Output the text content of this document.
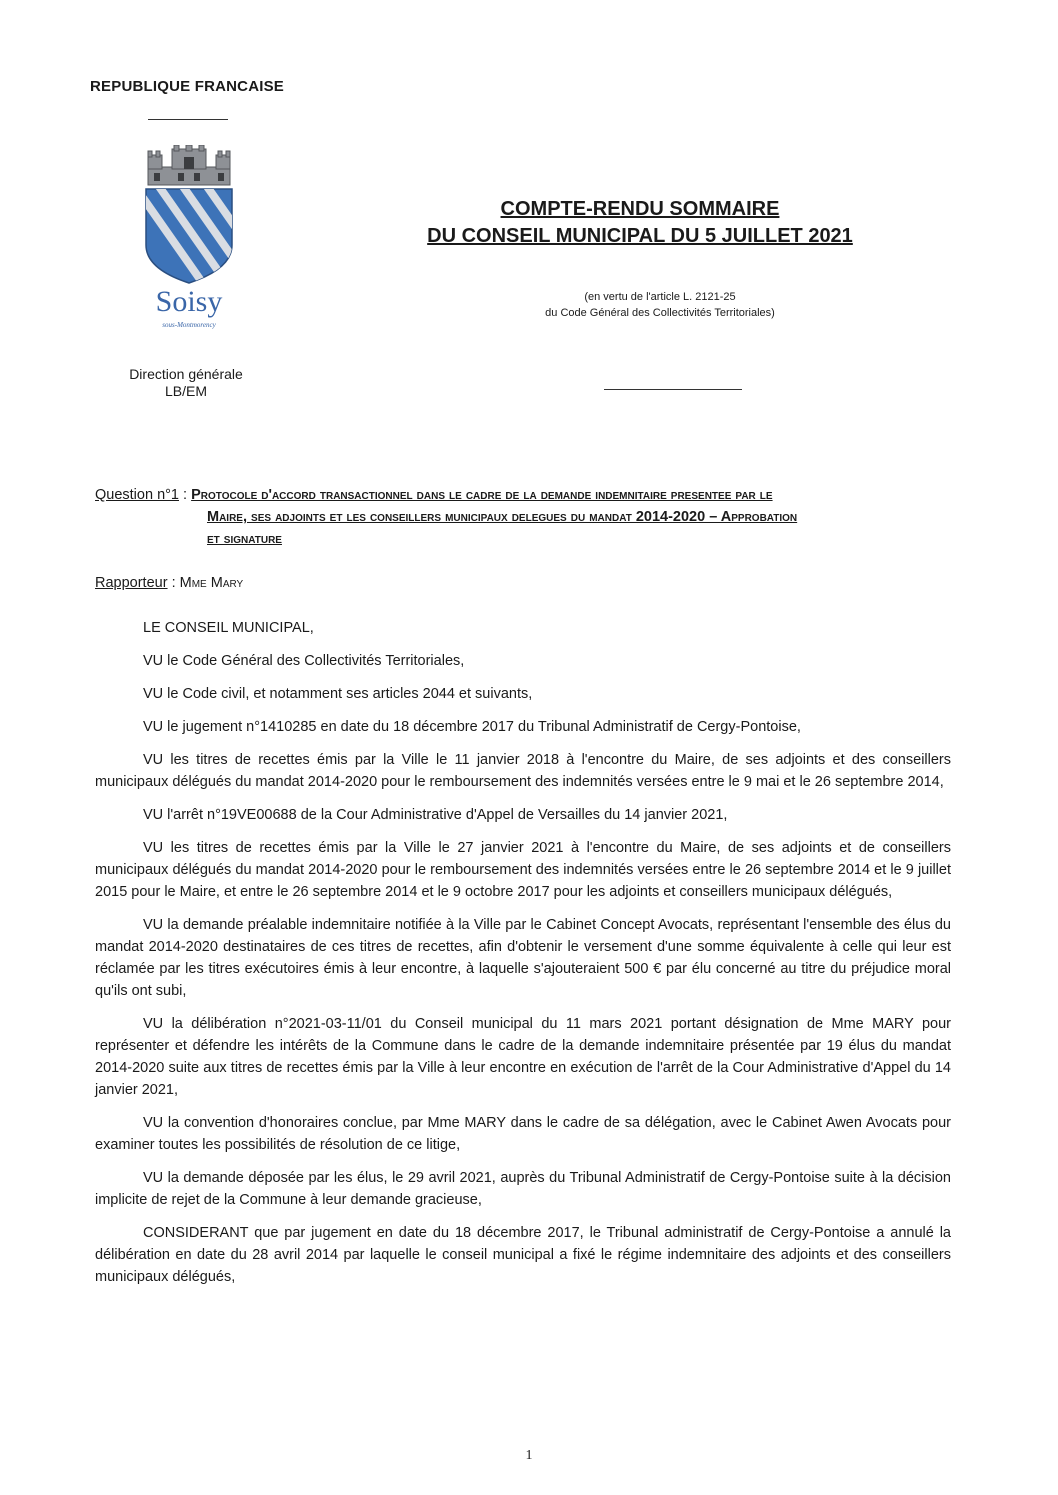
REPUBLIQUE FRANCAISE
Soisy
sous-Montmorency
Direction générale
LB/EM
COMPTE-RENDU SOMMAIRE
DU CONSEIL MUNICIPAL DU 5 JUILLET 2021
(en vertu de l'article L. 2121-25
du Code Général des Collectivités Territoriales)
Question n°1 : Protocole d'accord transactionnel dans le cadre de la demande indemnitaire presentee par le
Maire, ses adjoints et les conseillers municipaux delegues du mandat 2014-2020 – Approbation
et signature
Rapporteur : Mme Mary

LE CONSEIL MUNICIPAL,

VU le Code Général des Collectivités Territoriales,

VU le Code civil, et notamment ses articles 2044 et suivants,

VU le jugement n°1410285 en date du 18 décembre 2017 du Tribunal Administratif de Cergy-Pontoise,

VU les titres de recettes émis par la Ville le 11 janvier 2018 à l'encontre du Maire, de ses adjoints et des conseillers municipaux délégués du mandat 2014-2020 pour le remboursement des indemnités versées entre le 9 mai et le 26 septembre 2014,

VU l'arrêt n°19VE00688 de la Cour Administrative d'Appel de Versailles du 14 janvier 2021,

VU les titres de recettes émis par la Ville le 27 janvier 2021 à l'encontre du Maire, de ses adjoints et de conseillers municipaux délégués du mandat 2014-2020 pour le remboursement des indemnités versées entre le 26 septembre 2014 et le 9 juillet 2015 pour le Maire, et entre le 26 septembre 2014 et le 9 octobre 2017 pour les adjoints et conseillers municipaux délégués,

VU la demande préalable indemnitaire notifiée à la Ville par le Cabinet Concept Avocats, représentant l'ensemble des élus du mandat 2014-2020 destinataires de ces titres de recettes, afin d'obtenir le versement d'une somme équivalente à celle qui leur est réclamée par les titres exécutoires émis à leur encontre, à laquelle s'ajouteraient 500 € par élu concerné au titre du préjudice moral qu'ils ont subi,

VU la délibération n°2021-03-11/01 du Conseil municipal du 11 mars 2021 portant désignation de Mme MARY pour représenter et défendre les intérêts de la Commune dans le cadre de la demande indemnitaire présentée par 19 élus du mandat 2014-2020 suite aux titres de recettes émis par la Ville à leur encontre en exécution de l'arrêt de la Cour Administrative d'Appel du 14 janvier 2021,

VU la convention d'honoraires conclue, par Mme MARY dans le cadre de sa délégation, avec le Cabinet Awen Avocats pour examiner toutes les possibilités de résolution de ce litige,

VU la demande déposée par les élus, le 29 avril 2021, auprès du Tribunal Administratif de Cergy-Pontoise suite à la décision implicite de rejet de la Commune à leur demande gracieuse,

CONSIDERANT que par jugement en date du 18 décembre 2017, le Tribunal administratif de Cergy-Pontoise a annulé la délibération en date du 28 avril 2014 par laquelle le conseil municipal a fixé le régime indemnitaire des adjoints et des conseillers municipaux délégués,

1
